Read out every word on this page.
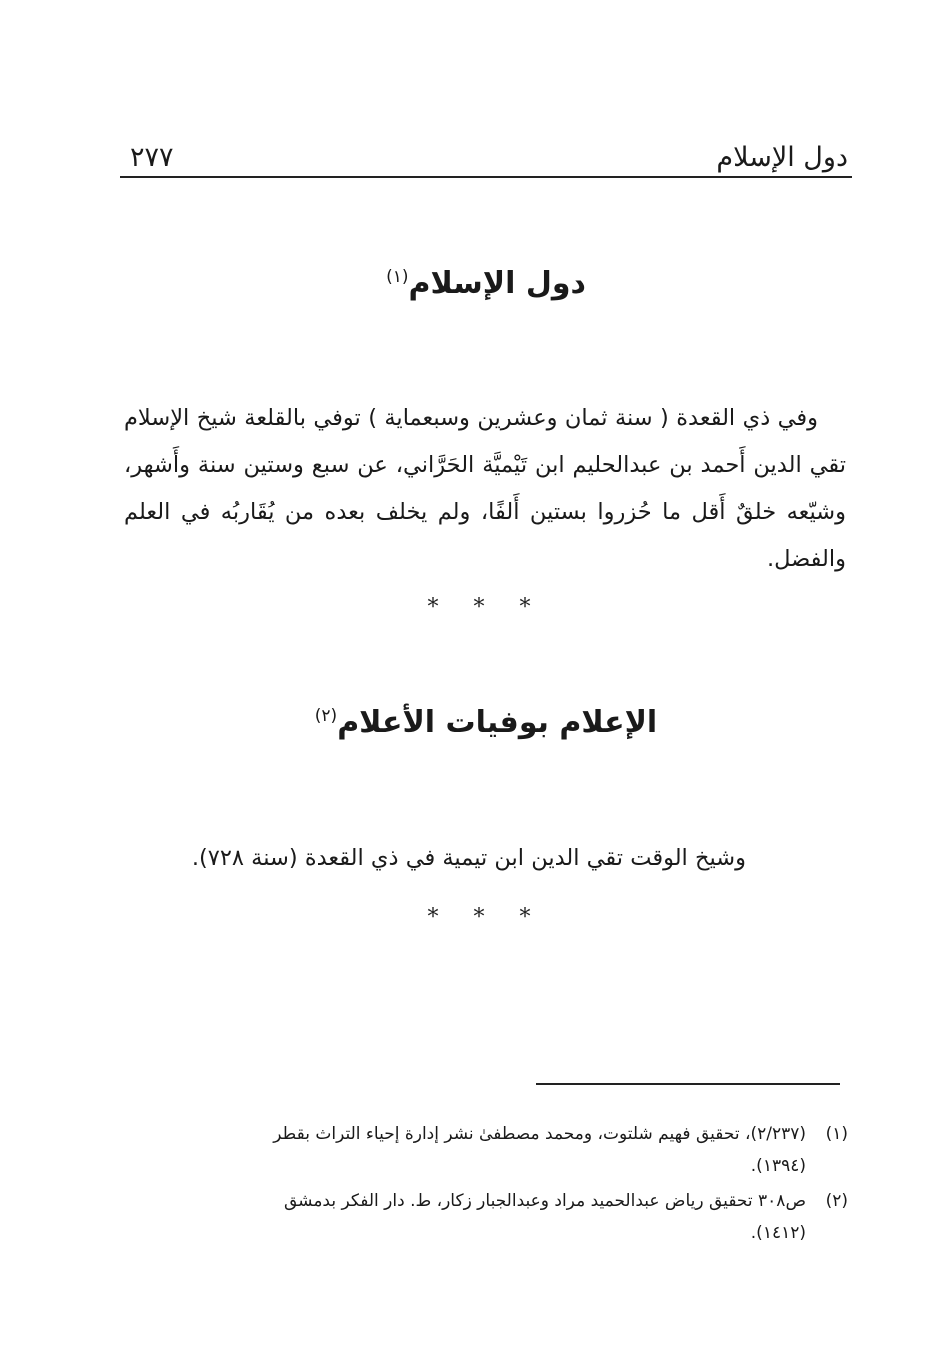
دول الإسلام
٢٧٧
دول الإسلام$^{(١)}$
وفي ذي القعدة ( سنة ثمان وعشرين وسبعماية ) توفي بالقلعة شيخ الإسلام تقي الدين أَحمد بن عبدالحليم ابن تَيْميَّة الحَرَّاني، عن سبع وستين سنة وأَشهر، وشيّعه خلقٌ أَقل ما حُزروا بستين أَلفًا، ولم يخلف بعده من يُقَاربُه في العلم والفضل.
* * *
الإعلام بوفيات الأعلام$^{(٢)}$
وشيخ الوقت تقي الدين ابن تيمية في ذي القعدة (سنة ٧٢٨).
* * *
(١)(٢/٢٣٧)، تحقيق فهيم شلتوت، ومحمد مصطفىٰ نشر إدارة إحياء التراث بقطر
(١٣٩٤).
(٢)ص٣٠٨ تحقيق رياض عبدالحميد مراد وعبدالجبار زكار، ط. دار الفكر بدمشق
(١٤١٢).
